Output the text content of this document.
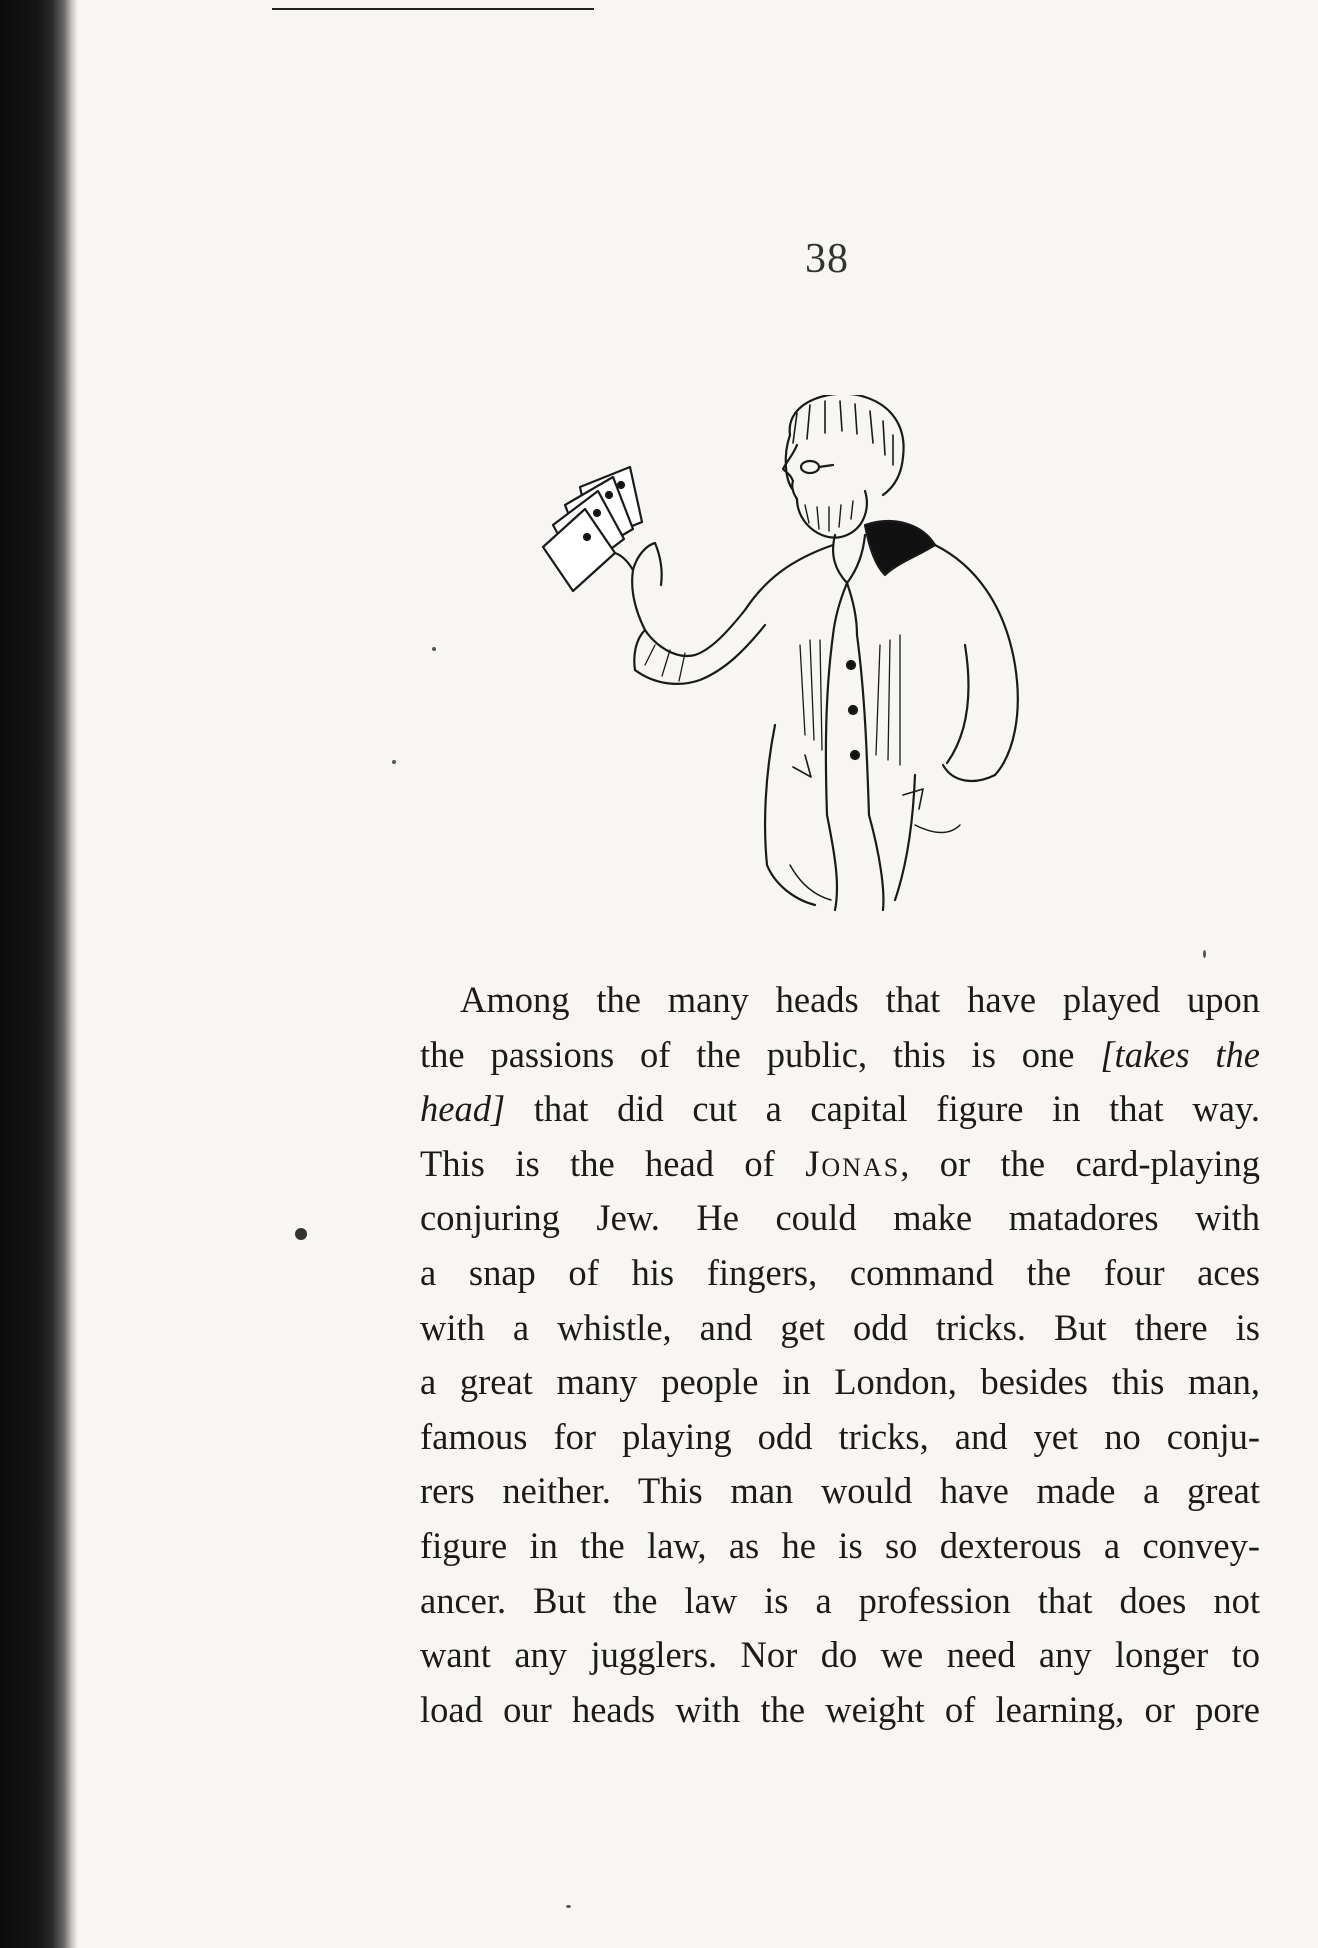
38
Among the many heads that have played upon
the passions of the public, this is one [takes the
head] that did cut a capital figure in that way.
This is the head of Jonas, or the card-playing
conjuring Jew. He could make matadores with
a snap of his fingers, command the four aces
with a whistle, and get odd tricks. But there is
a great many people in London, besides this man,
famous for playing odd tricks, and yet no conju-
rers neither. This man would have made a great
figure in the law, as he is so dexterous a convey-
ancer. But the law is a profession that does not
want any jugglers. Nor do we need any longer to
load our heads with the weight of learning, or pore
